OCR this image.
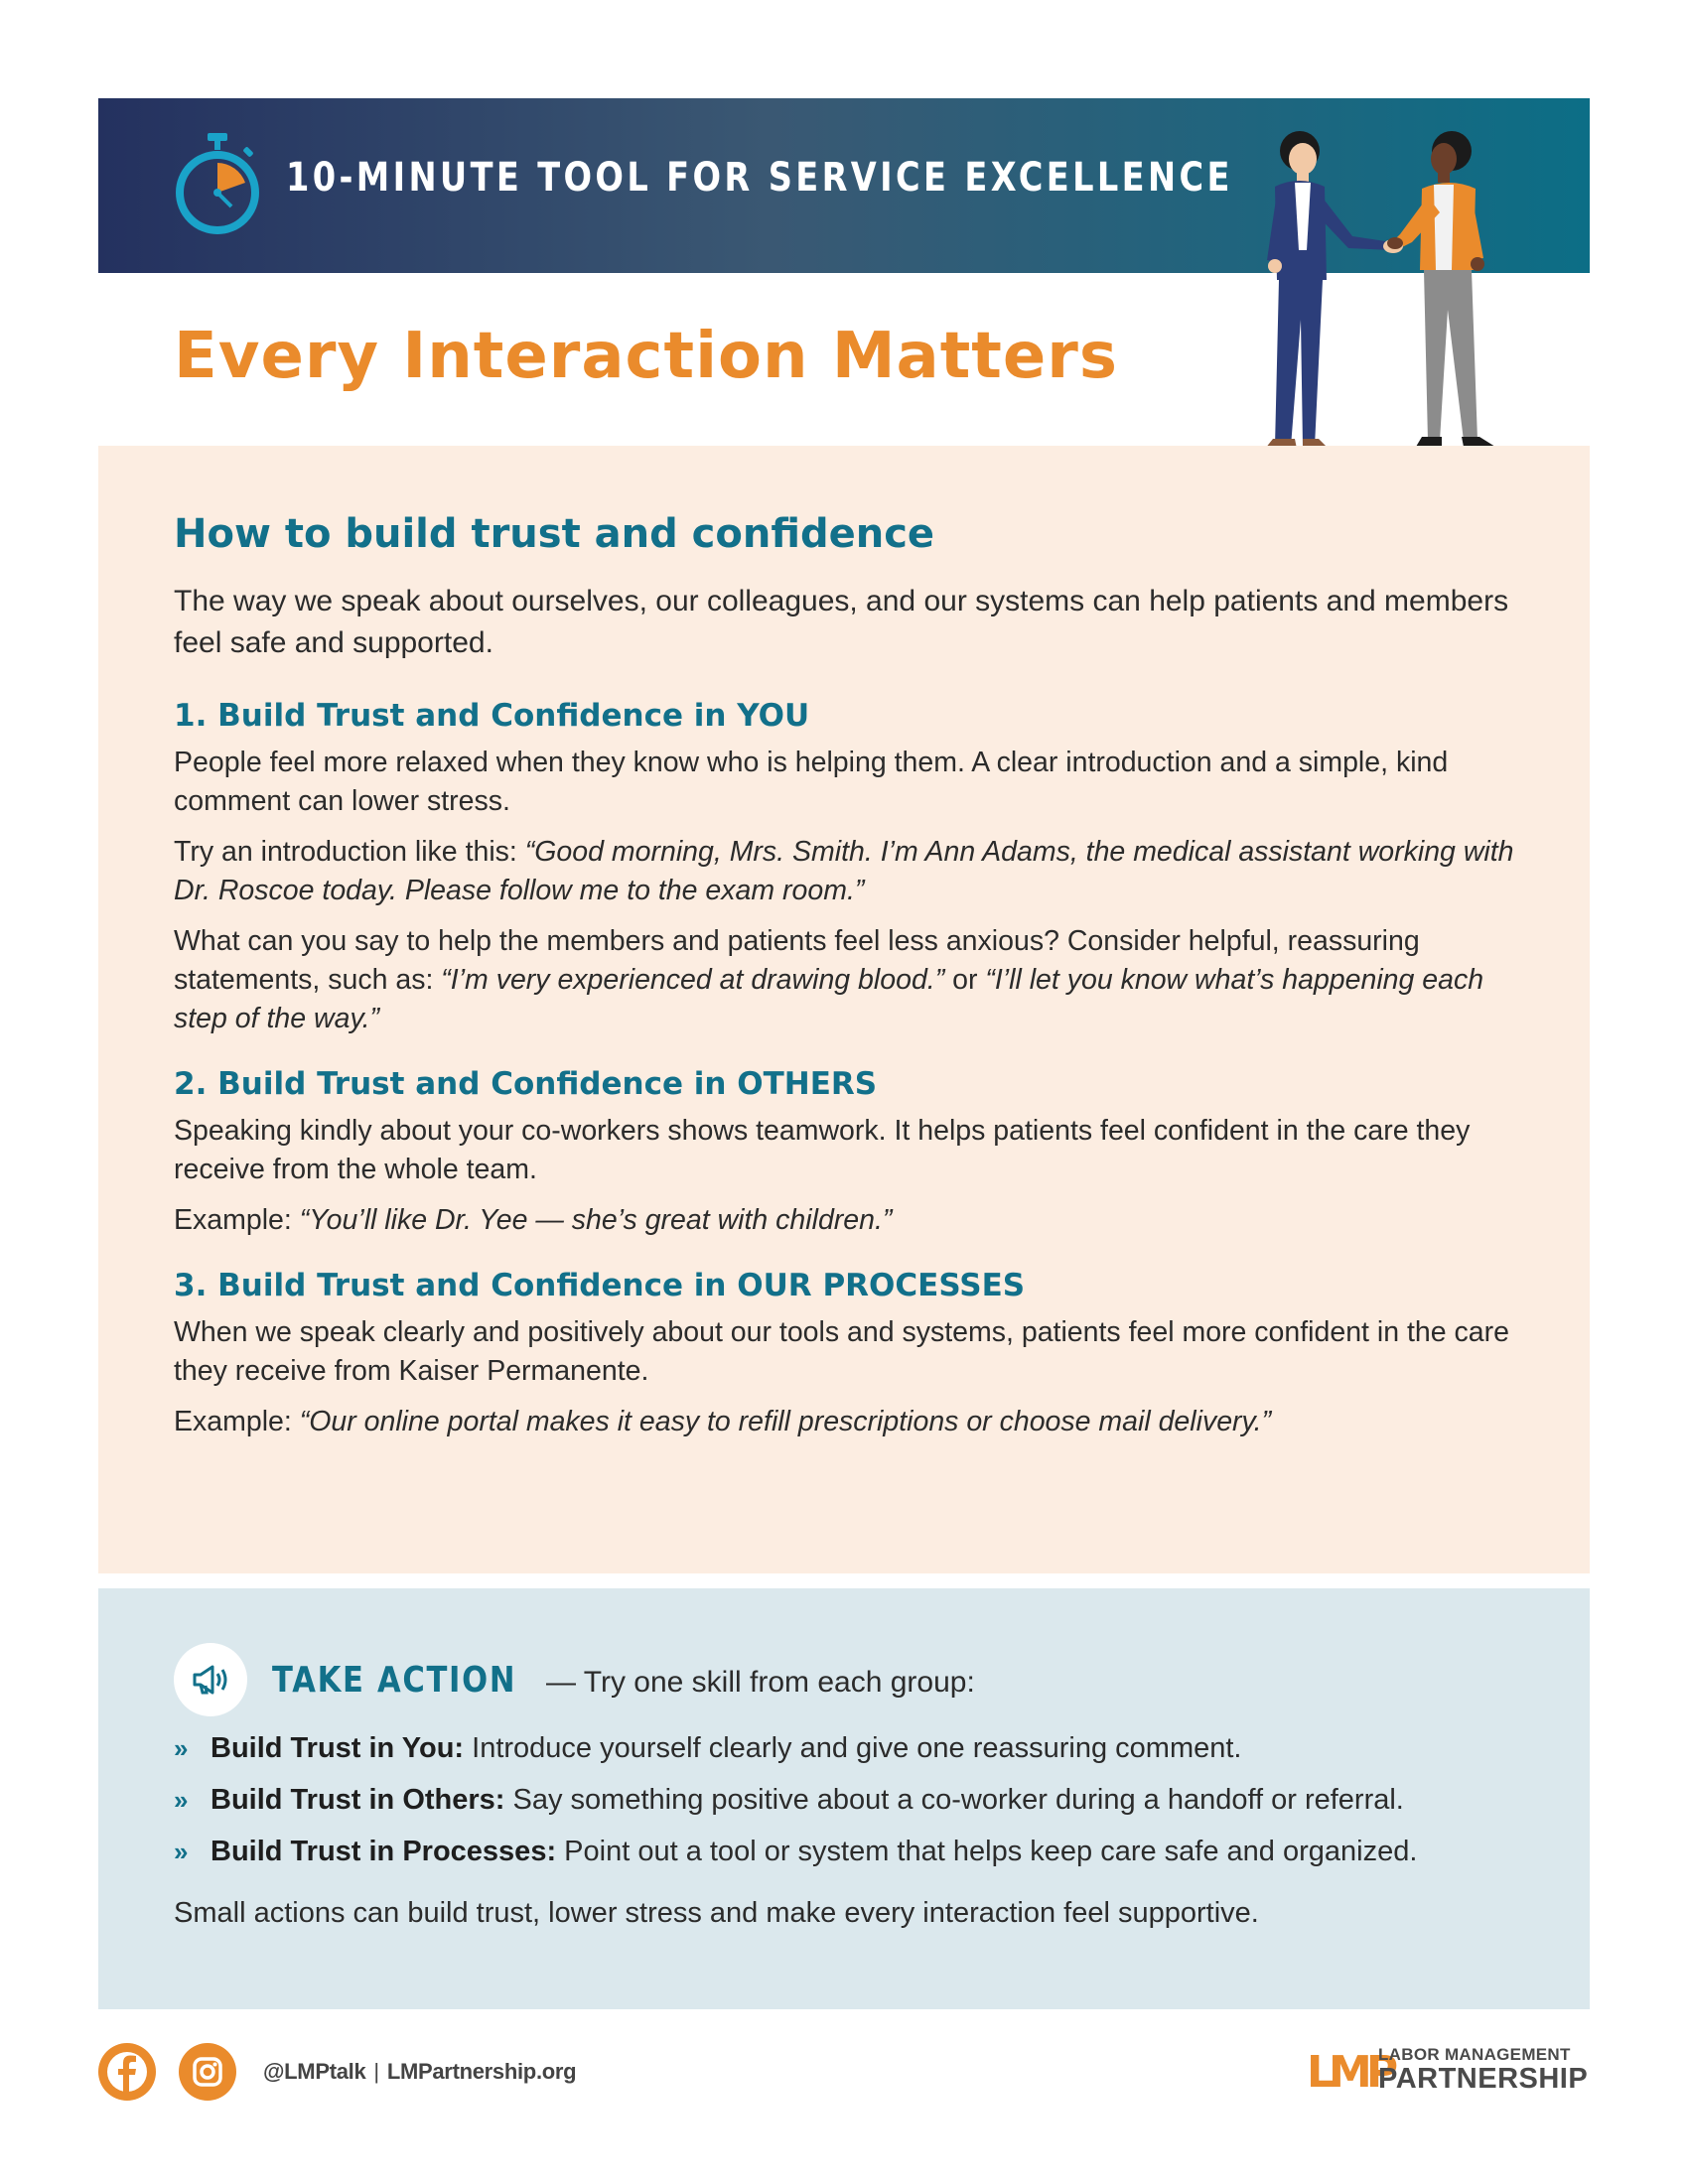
10-MINUTE TOOL FOR SERVICE EXCELLENCE
Every Interaction Matters
How to build trust and confidence

The way we speak about ourselves, our colleagues, and our systems can help patients and members feel safe and supported.

1. Build Trust and Confidence in YOU

People feel more relaxed when they know who is helping them. A clear introduction and a simple, kind comment can lower stress.

Try an introduction like this: “Good morning, Mrs. Smith. I’m Ann Adams, the medical assistant working with Dr. Roscoe today. Please follow me to the exam room.”

What can you say to help the members and patients feel less anxious? Consider helpful, reassuring statements, such as: “I’m very experienced at drawing blood.” or “I’ll let you know what’s happening each step of the way.”

2. Build Trust and Confidence in OTHERS

Speaking kindly about your co-workers shows teamwork. It helps patients feel confident in the care they receive from the whole team.

Example: “You’ll like Dr. Yee — she’s great with children.”

3. Build Trust and Confidence in OUR PROCESSES

When we speak clearly and positively about our tools and systems, patients feel more confident in the care they receive from Kaiser Permanente.

Example: “Our online portal makes it easy to refill prescriptions or choose mail delivery.”

TAKE ACTION — Try one skill from each group:
» Build Trust in You: Introduce yourself clearly and give one reassuring comment.
» Build Trust in Others: Say something positive about a co-worker during a handoff or referral.
» Build Trust in Processes: Point out a tool or system that helps keep care safe and organized.

Small actions can build trust, lower stress and make every interaction feel supportive.

@LMPtalk | LMPartnership.org	LMP
LABOR MANAGEMENT
PARTNERSHIP
